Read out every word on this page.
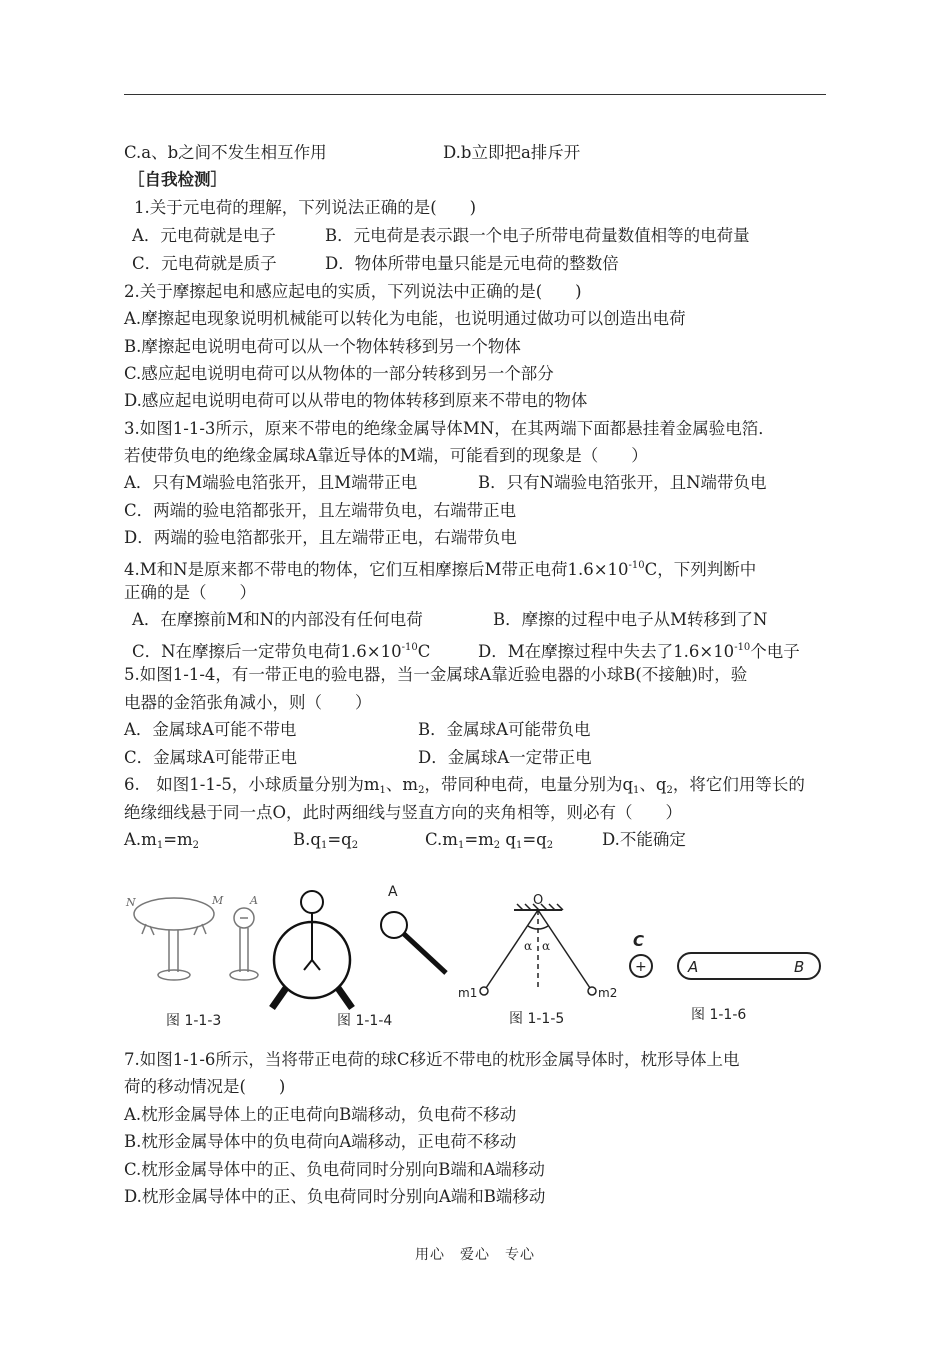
C.a、b之间不发生相互作用	D.b立即把a排斥开
［自我检测］
1.关于元电荷的理解，下列说法正确的是(　　)
A．元电荷就是电子	B．元电荷是表示跟一个电子所带电荷量数值相等的电荷量
C．元电荷就是质子	D．物体所带电量只能是元电荷的整数倍
2.关于摩擦起电和感应起电的实质，下列说法中正确的是(　　)
A.摩擦起电现象说明机械能可以转化为电能，也说明通过做功可以创造出电荷
B.摩擦起电说明电荷可以从一个物体转移到另一个物体
C.感应起电说明电荷可以从物体的一部分转移到另一个部分
D.感应起电说明电荷可以从带电的物体转移到原来不带电的物体
3.如图1-1-3所示，原来不带电的绝缘金属导体MN，在其两端下面都悬挂着金属验电箔．
若使带负电的绝缘金属球A靠近导体的M端，可能看到的现象是（　　）
A．只有M端验电箔张开，且M端带正电	B．只有N端验电箔张开，且N端带负电
C．两端的验电箔都张开，且左端带负电，右端带正电
D．两端的验电箔都张开，且左端带正电，右端带负电
4.M和N是原来都不带电的物体，它们互相摩擦后M带正电荷$1.6\times 10^{-10}C$，下列判断中
正确的是（　　）
A．在摩擦前M和N的内部没有任何电荷	B．摩擦的过程中电子从M转移到了N
C．N在摩擦后一定带负电荷$1.6\times 10^{-10}C$	D．M在摩擦过程中失去了$1.6\times 10^{-10}$个电子
5.如图1-1-4，有一带正电的验电器，当一金属球A靠近验电器的小球B(不接触)时，验
电器的金箔张角减小，则（　　）
A．金属球A可能不带电	B．金属球A可能带负电
C．金属球A可能带正电	D．金属球A一定带正电
6.　如图1-1-5，小球质量分别为$m_1$、$m_2$，带同种电荷，电量分别为$q_1$、$q_2$，将它们用等长的
绝缘细线悬于同一点O，此时两细线与竖直方向的夹角相等，则必有（　　）
$A.m_1=m_2$	$B.q_1=q_2$	$C.m_1=m_2$ $q_1=q_2$	D.不能确定
N	M A
A
O
α α
m1	m2
C
+	A	B
图 1-1-3	图 1-1-4	图 1-1-5	图 1-1-6
7.如图1-1-6所示，当将带正电荷的球C移近不带电的枕形金属导体时，枕形导体上电
荷的移动情况是(　　)
A.枕形金属导体上的正电荷向B端移动，负电荷不移动
B.枕形金属导体中的负电荷向A端移动，正电荷不移动
C.枕形金属导体中的正、负电荷同时分别向B端和A端移动
D.枕形金属导体中的正、负电荷同时分别向A端和B端移动
用心　爱心　专心
